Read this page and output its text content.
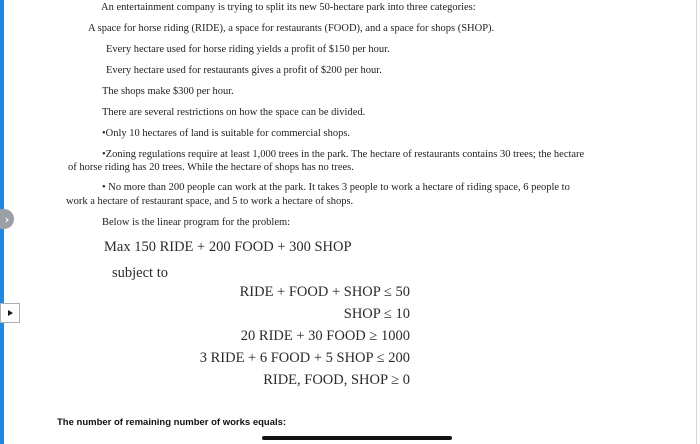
›
An entertainment company is trying to split its new 50-hectare park into three categories:
A space for horse riding (RIDE), a space for restaurants (FOOD), and a space for shops (SHOP).
Every hectare used for horse riding yields a profit of $150 per hour.
Every hectare used for restaurants gives a profit of $200 per hour.
The shops make $300 per hour.
There are several restrictions on how the space can be divided.
•Only 10 hectares of land is suitable for commercial shops.
•Zoning regulations require at least 1,000 trees in the park. The hectare of restaurants contains 30 trees; the hectare
of horse riding has 20 trees. While the hectare of shops has no trees.
• No more than 200 people can work at the park. It takes 3 people to work a hectare of riding space, 6 people to
work a hectare of restaurant space, and 5 to work a hectare of shops.
Below is the linear program for the problem:
Max 150 RIDE + 200 FOOD + 300 SHOP
subject to
RIDE + FOOD + SHOP ≤ 50
SHOP ≤ 10
20 RIDE + 30 FOOD ≥ 1000
3 RIDE + 6 FOOD + 5 SHOP ≤ 200
RIDE, FOOD, SHOP ≥ 0
The number of remaining number of works equals:
